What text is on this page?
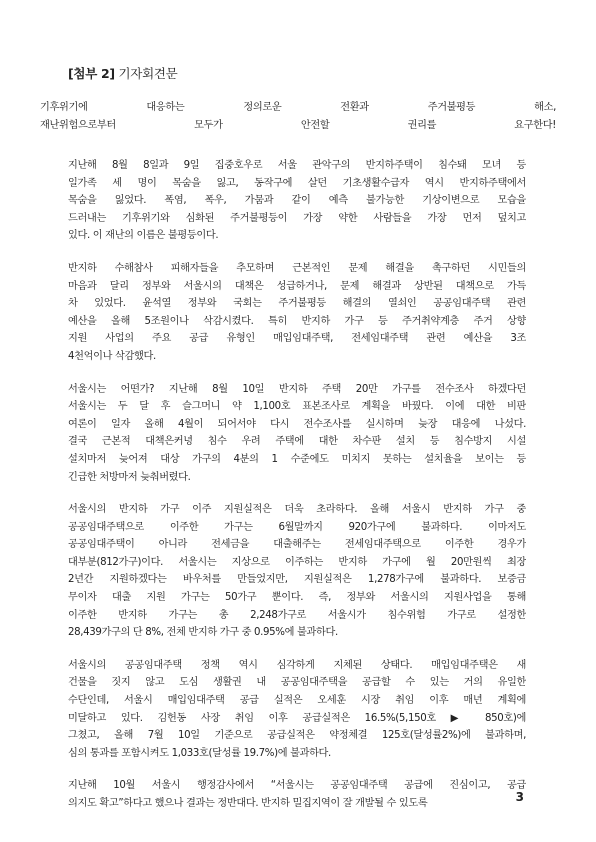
[첨부 2] 기자회견문
기후위기에 대응하는 정의로운 전환과 주거불평등 해소,
재난위험으로부터 모두가 안전할 권리를 요구한다!
지난해 8월 8일과 9일 집중호우로 서울 관악구의 반지하주택이 침수돼 모녀 등
일가족 세 명이 목숨을 잃고, 동작구에 살던 기초생활수급자 역시 반지하주택에서
목숨을 잃었다. 폭염, 폭우, 가뭄과 같이 예측 불가능한 기상이변으로 모습을
드러내는 기후위기와 심화된 주거불평등이 가장 약한 사람들을 가장 먼저 덮치고
있다. 이 재난의 이름은 불평등이다.
반지하 수해참사 피해자들을 추모하며 근본적인 문제 해결을 촉구하던 시민들의
마음과 달리 정부와 서울시의 대책은 성급하거나, 문제 해결과 상반된 대책으로 가득
차 있었다. 윤석열 정부와 국회는 주거불평등 해결의 열쇠인 공공임대주택 관련
예산을 올해 5조원이나 삭감시켰다. 특히 반지하 가구 등 주거취약계층 주거 상향
지원 사업의 주요 공급 유형인 매입임대주택, 전세임대주택 관련 예산을 3조
4천억이나 삭감했다.
서울시는 어떤가? 지난해 8월 10일 반지하 주택 20만 가구를 전수조사 하겠다던
서울시는 두 달 후 슬그머니 약 1,100호 표본조사로 계획을 바꿨다. 이에 대한 비판
여론이 일자 올해 4월이 되어서야 다시 전수조사를 실시하며 늦장 대응에 나섰다.
결국 근본적 대책은커녕 침수 우려 주택에 대한 차수판 설치 등 침수방지 시설
설치마저 늦어져 대상 가구의 4분의 1 수준에도 미치지 못하는 설치율을 보이는 등
긴급한 처방마저 늦춰버렸다.
서울시의 반지하 가구 이주 지원실적은 더욱 초라하다. 올해 서울시 반지하 가구 중
공공임대주택으로 이주한 가구는 6월말까지 920가구에 불과하다. 이마저도
공공임대주택이 아니라 전세금을 대출해주는 전세임대주택으로 이주한 경우가
대부분(812가구)이다. 서울시는 지상으로 이주하는 반지하 가구에 월 20만원씩 최장
2년간 지원하겠다는 바우처를 만들었지만, 지원실적은 1,278가구에 불과하다. 보증금
무이자 대출 지원 가구는 50가구 뿐이다. 즉, 정부와 서울시의 지원사업을 통해
이주한 반지하 가구는 총 2,248가구로 서울시가 침수위험 가구로 설정한
28,439가구의 단 8%, 전체 반지하 가구 중 0.95%에 불과하다.
서울시의 공공임대주택 정책 역시 심각하게 지체된 상태다. 매입임대주택은 새
건물을 짓지 않고 도심 생활권 내 공공임대주택을 공급할 수 있는 거의 유일한
수단인데, 서울시 매입임대주택 공급 실적은 오세훈 시장 취임 이후 매년 계획에
미달하고 있다. 김헌동 사장 취임 이후 공급실적은 16.5%(5,150호 ▶ 850호)에
그쳤고, 올해 7월 10일 기준으로 공급실적은 약정체결 125호(달성률2%)에 불과하며,
심의 통과를 포함시켜도 1,033호(달성률 19.7%)에 불과하다.
지난해 10월 서울시 행정감사에서 “서울시는 공공임대주택 공급에 진심이고, 공급
의지도 확고”하다고 했으나 결과는 정반대다. 반지하 밀집지역이 잘 개발될 수 있도록	3
